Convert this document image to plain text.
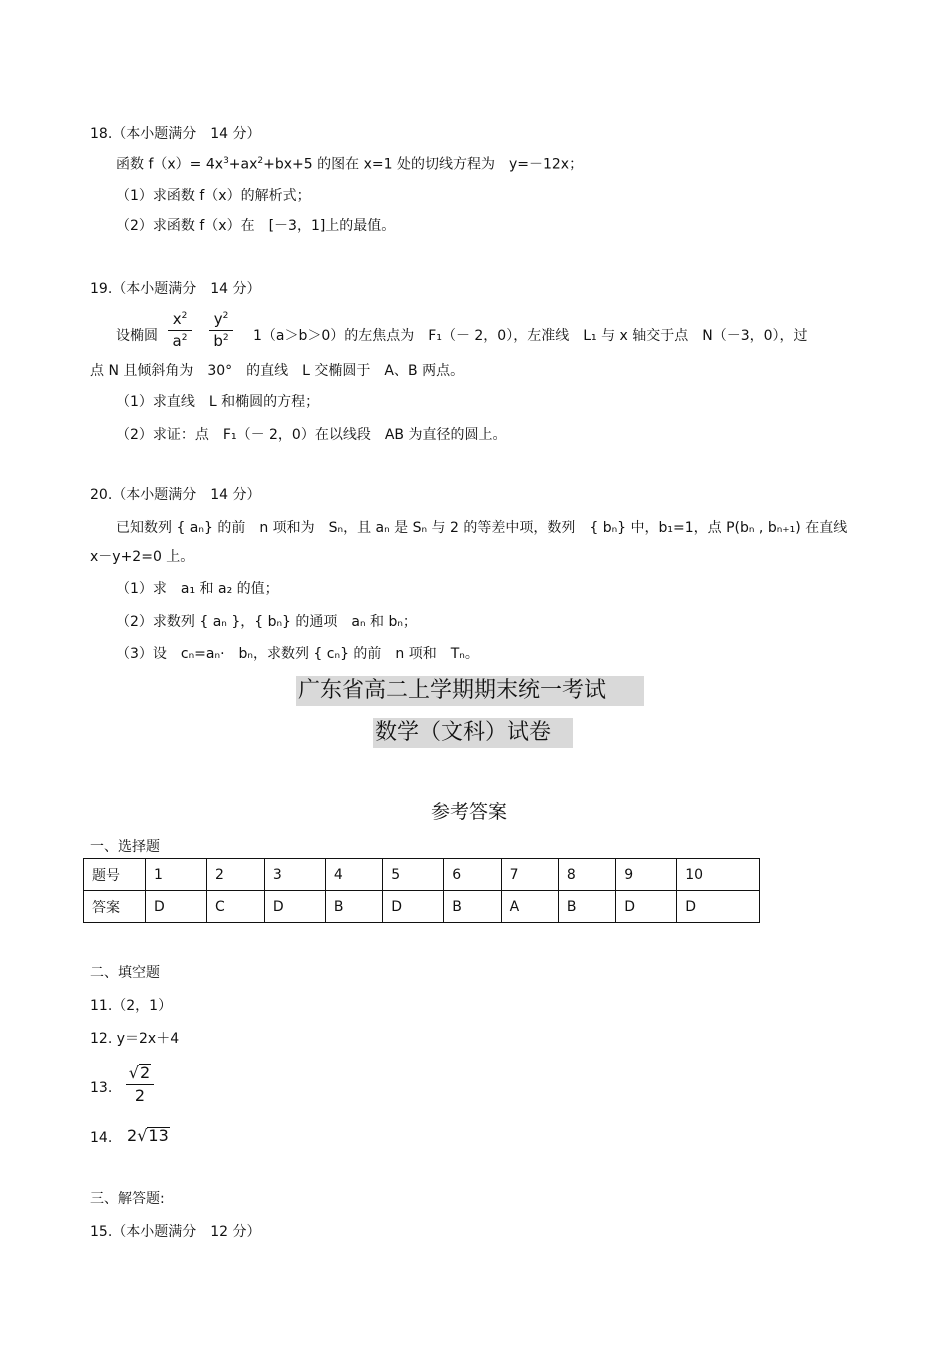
18.（本小题满分　14 分）
函数 $f(x)= 4x^3+ax^2+bx+5$ 的图在 x=1 处的切线方程为　y=－12x；
（1）求函数 f（x）的解析式；
（2）求函数 f（x）在　[－3，1]上的最值。
19.（本小题满分　14 分）
设椭圆
$x^2$
$a^2$
$y^2$
$b^2$	1（a＞b＞0）的左焦点为　F₁（－ 2，0），左准线　L₁ 与 x 轴交于点　N（－3，0），过
点 N 且倾斜角为　30°　的直线　L 交椭圆于　A、B 两点。
（1）求直线　L 和椭圆的方程；
（2）求证：点　F₁（－ 2，0）在以线段　AB 为直径的圆上。
20.（本小题满分　14 分）
已知数列 { aₙ} 的前　n 项和为　Sₙ，且 aₙ 是 Sₙ 与 2 的等差中项，数列　{ bₙ} 中，b₁=1，点 P(bₙ , bₙ₊₁) 在直线
x－y+2=0 上。
（1）求　a₁ 和 a₂ 的值；
（2）求数列 { aₙ }，{ bₙ} 的通项　aₙ 和 bₙ；
（3）设　cₙ=aₙ·　bₙ，求数列 { cₙ} 的前　n 项和　Tₙ。
广东省高二上学期期末统一考试
数学（文科）试卷
参考答案
一、选择题
题号	1	2	3	4	5	6	7	8	9	10
答案	D	C	D	B	D	B	A	B	D	D
二、填空题
11.（2，1）
12. y＝2x＋4
13.
√2
2
14. 2√13
三、解答题:
15.（本小题满分　12 分）
